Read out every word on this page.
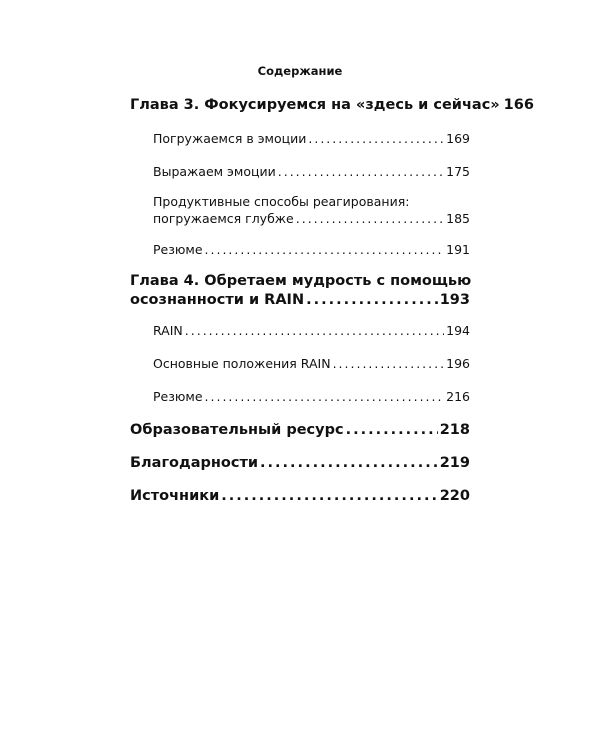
Содержание
Глава 3. Фокусируемся на «здесь и сейчас» 166
Погружаемся в эмоции .....	169
Выражаем эмоции .....	175
Продуктивные способы реагирования:
погружаемся глубже .....	185
Резюме .....	191
Глава 4. Обретаем мудрость с помощью
осознанности и RAIN .....	193
RAIN .....	194
Основные положения RAIN .....	196
Резюме .....	216
Образовательный ресурс .....	218
Благодарности .....	219
Источники .....	220
